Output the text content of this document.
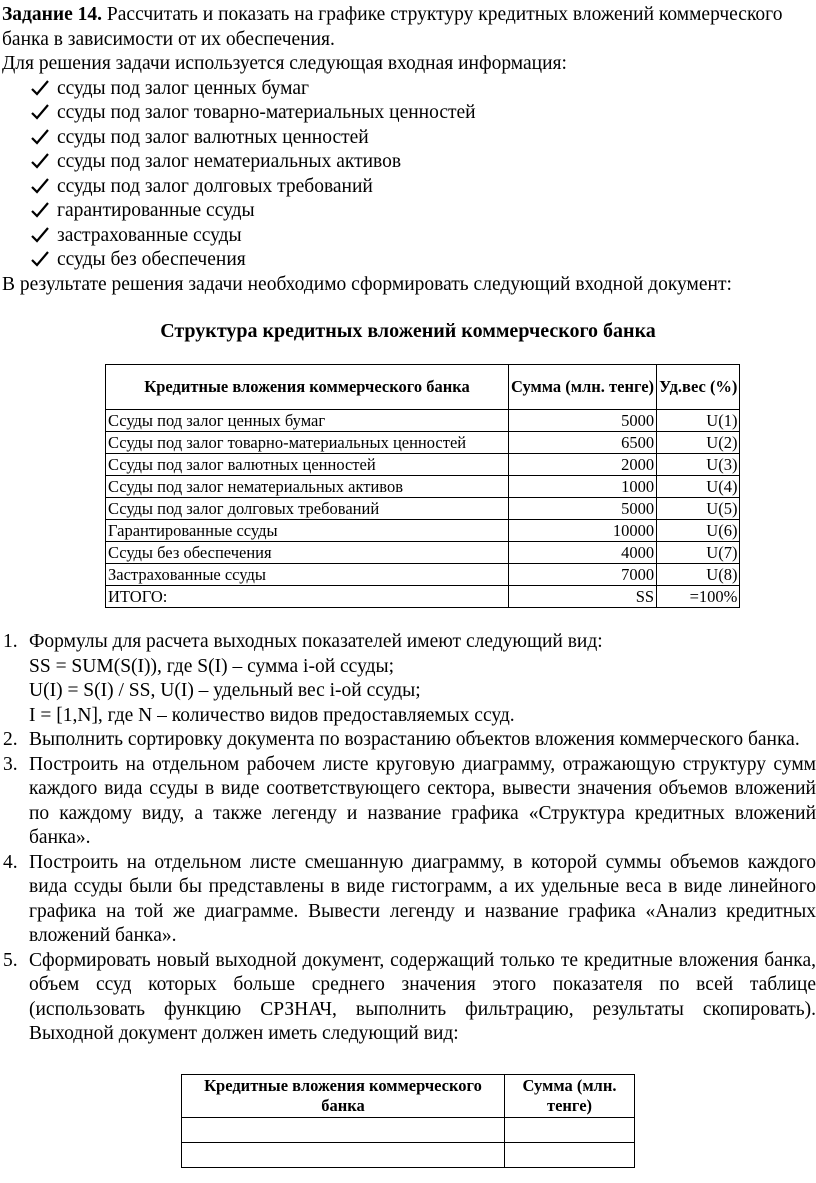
Задание 14. Рассчитать и показать на графике структуру кредитных вложений коммерческого банка в зависимости от их обеспечения.

Для решения задачи используется следующая входная информация:

ссуды под залог ценных бумаг
ссуды под залог товарно-материальных ценностей
ссуды под залог валютных ценностей
ссуды под залог нематериальных активов
ссуды под залог долговых требований
гарантированные ссуды
застрахованные ссуды
ссуды без обеспечения

В результате решения задачи необходимо сформировать следующий входной документ:

Структура кредитных вложений коммерческого банка
Кредитные вложения коммерческого банка	Сумма (млн. тенге)	Уд.вес (%)
Ссуды под залог ценных бумаг	5000	U(1)
Ссуды под залог товарно-материальных ценностей	6500	U(2)
Ссуды под залог валютных ценностей	2000	U(3)
Ссуды под залог нематериальных активов	1000	U(4)
Ссуды под залог долговых требований	5000	U(5)
Гарантированные ссуды	10000	U(6)
Ссуды без обеспечения	4000	U(7)
Застрахованные ссуды	7000	U(8)
ИТОГО:	SS	=100%
1. Формулы для расчета выходных показателей имеют следующий вид:
SS = SUM(S(I)), где S(I) – сумма i-ой ссуды;
U(I) = S(I) / SS, U(I) – удельный вес i-ой ссуды;
I = [1,N], где N – количество видов предоставляемых ссуд.
2. Выполнить сортировку документа по возрастанию объектов вложения коммерческого банка.
3. Построить на отдельном рабочем листе круговую диаграмму, отражающую структуру сумм каждого вида ссуды в виде соответствующего сектора, вывести значения объемов вложений по каждому виду, а также легенду и название графика «Структура кредитных вложений банка».
4. Построить на отдельном листе смешанную диаграмму, в которой суммы объемов каждого вида ссуды были бы представлены в виде гистограмм, а их удельные веса в виде линейного графика на той же диаграмме. Вывести легенду и название графика «Анализ кредитных вложений банка».
5. Сформировать новый выходной документ, содержащий только те кредитные вложения банка, объем ссуд которых больше среднего значения этого показателя по всей таблице (использовать функцию СРЗНАЧ, выполнить фильтрацию, результаты скопировать). Выходной документ должен иметь следующий вид:
Кредитные вложения коммерческого банка	Сумма (млн. тенге)
